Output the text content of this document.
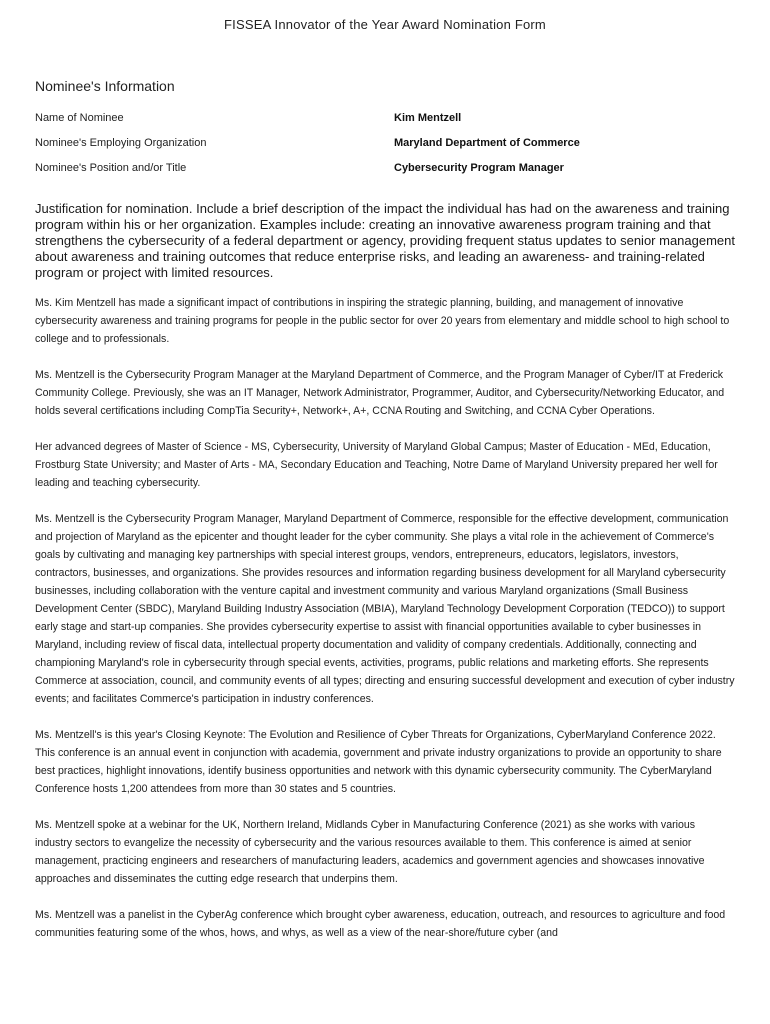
FISSEA Innovator of the Year Award Nomination Form
Nominee's Information
Name of Nominee	Kim Mentzell
Nominee's Employing Organization	Maryland Department of Commerce
Nominee's Position and/or Title	Cybersecurity Program Manager
Justification for nomination. Include a brief description of the impact the individual has had on the awareness and training program within his or her organization. Examples include: creating an innovative awareness program training and that strengthens the cybersecurity of a federal department or agency, providing frequent status updates to senior management about awareness and training outcomes that reduce enterprise risks, and leading an awareness- and training-related program or project with limited resources.

Ms. Kim Mentzell has made a significant impact of contributions in inspiring the strategic planning, building, and management of innovative cybersecurity awareness and training programs for people in the public sector for over 20 years from elementary and middle school to high school to college and to professionals.

Ms. Mentzell is the Cybersecurity Program Manager at the Maryland Department of Commerce, and the Program Manager of Cyber/IT at Frederick Community College. Previously, she was an IT Manager, Network Administrator, Programmer, Auditor, and Cybersecurity/Networking Educator, and holds several certifications including CompTia Security+, Network+, A+, CCNA Routing and Switching, and CCNA Cyber Operations.

Her advanced degrees of Master of Science - MS, Cybersecurity, University of Maryland Global Campus; Master of Education - MEd, Education, Frostburg State University; and Master of Arts - MA, Secondary Education and Teaching, Notre Dame of Maryland University prepared her well for leading and teaching cybersecurity.

Ms. Mentzell is the Cybersecurity Program Manager, Maryland Department of Commerce, responsible for the effective development, communication and projection of Maryland as the epicenter and thought leader for the cyber community. She plays a vital role in the achievement of Commerce's goals by cultivating and managing key partnerships with special interest groups, vendors, entrepreneurs, educators, legislators, investors, contractors, businesses, and organizations. She provides resources and information regarding business development for all Maryland cybersecurity businesses, including collaboration with the venture capital and investment community and various Maryland organizations (Small Business Development Center (SBDC), Maryland Building Industry Association (MBIA), Maryland Technology Development Corporation (TEDCO)) to support early stage and start-up companies. She provides cybersecurity expertise to assist with financial opportunities available to cyber businesses in Maryland, including review of fiscal data, intellectual property documentation and validity of company credentials. Additionally, connecting and championing Maryland's role in cybersecurity through special events, activities, programs, public relations and marketing efforts. She represents Commerce at association, council, and community events of all types; directing and ensuring successful development and execution of cyber industry events; and facilitates Commerce's participation in industry conferences.

Ms. Mentzell's is this year's Closing Keynote: The Evolution and Resilience of Cyber Threats for Organizations, CyberMaryland Conference 2022. This conference is an annual event in conjunction with academia, government and private industry organizations to provide an opportunity to share best practices, highlight innovations, identify business opportunities and network with this dynamic cybersecurity community. The CyberMaryland Conference hosts 1,200 attendees from more than 30 states and 5 countries.

Ms. Mentzell spoke at a webinar for the UK, Northern Ireland, Midlands Cyber in Manufacturing Conference (2021) as she works with various industry sectors to evangelize the necessity of cybersecurity and the various resources available to them. This conference is aimed at senior management, practicing engineers and researchers of manufacturing leaders, academics and government agencies and showcases innovative approaches and disseminates the cutting edge research that underpins them.

Ms. Mentzell was a panelist in the CyberAg conference which brought cyber awareness, education, outreach, and resources to agriculture and food communities featuring some of the whos, hows, and whys, as well as a view of the near-shore/future cyber (and
